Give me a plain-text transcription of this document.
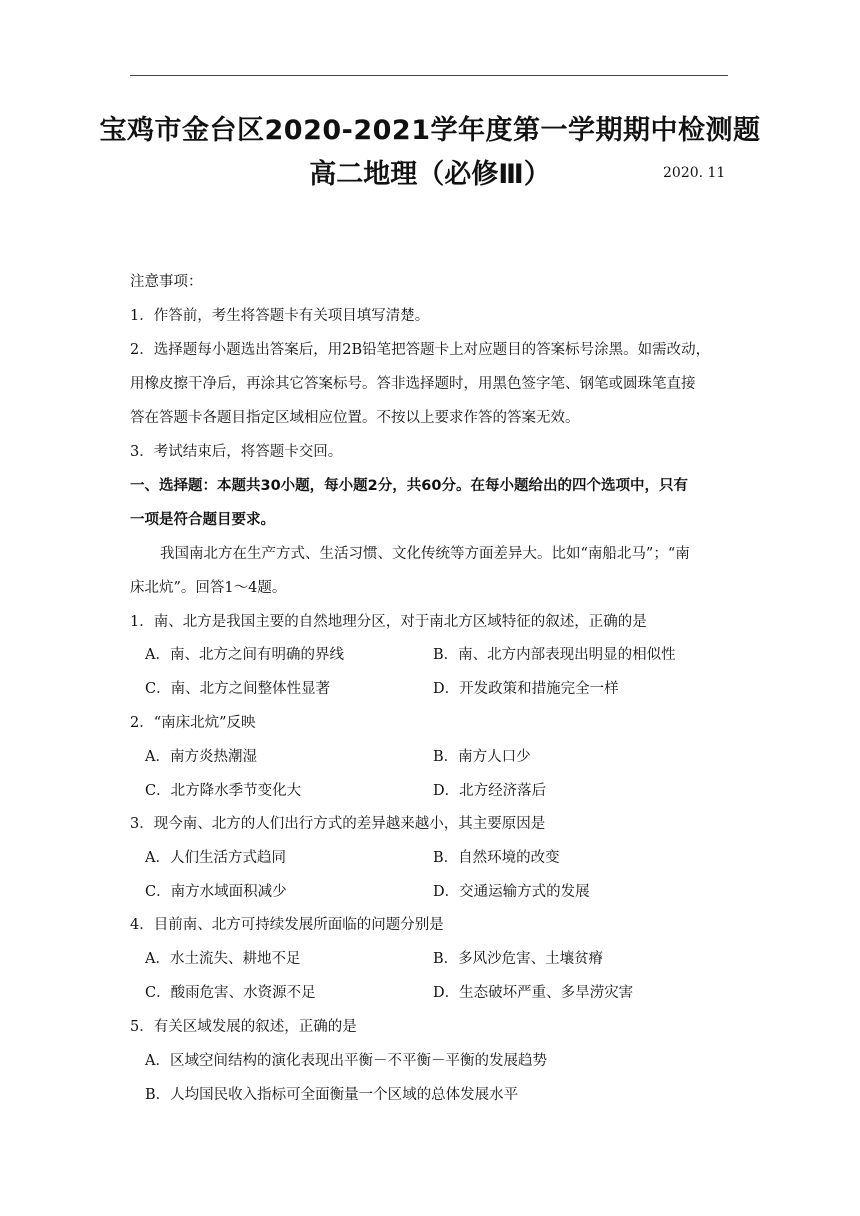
宝鸡市金台区2020-2021学年度第一学期期中检测题
高二地理（必修Ⅲ）	2020. 11
注意事项：
1．作答前，考生将答题卡有关项目填写清楚。
2．选择题每小题选出答案后，用2B铅笔把答题卡上对应题目的答案标号涂黑。如需改动，
用橡皮擦干净后，再涂其它答案标号。答非选择题时，用黑色签字笔、钢笔或圆珠笔直接
答在答题卡各题目指定区域相应位置。不按以上要求作答的答案无效。
3．考试结束后，将答题卡交回。
一、选择题：本题共30小题，每小题2分，共60分。在每小题给出的四个选项中，只有
一项是符合题目要求。
我国南北方在生产方式、生活习惯、文化传统等方面差异大。比如“南船北马”；“南
床北炕”。回答1～4题。
1．南、北方是我国主要的自然地理分区，对于南北方区域特征的叙述，正确的是
A．南、北方之间有明确的界线	B．南、北方内部表现出明显的相似性
C．南、北方之间整体性显著	D．开发政策和措施完全一样
2．“南床北炕”反映
A．南方炎热潮湿	B．南方人口少
C．北方降水季节变化大	D．北方经济落后
3．现今南、北方的人们出行方式的差异越来越小，其主要原因是
A．人们生活方式趋同	B．自然环境的改变
C．南方水域面积减少	D．交通运输方式的发展
4．目前南、北方可持续发展所面临的问题分别是
A．水土流失、耕地不足	B．多风沙危害、土壤贫瘠
C．酸雨危害、水资源不足	D．生态破坏严重、多旱涝灾害
5．有关区域发展的叙述，正确的是
A．区域空间结构的演化表现出平衡－不平衡－平衡的发展趋势
B．人均国民收入指标可全面衡量一个区域的总体发展水平
